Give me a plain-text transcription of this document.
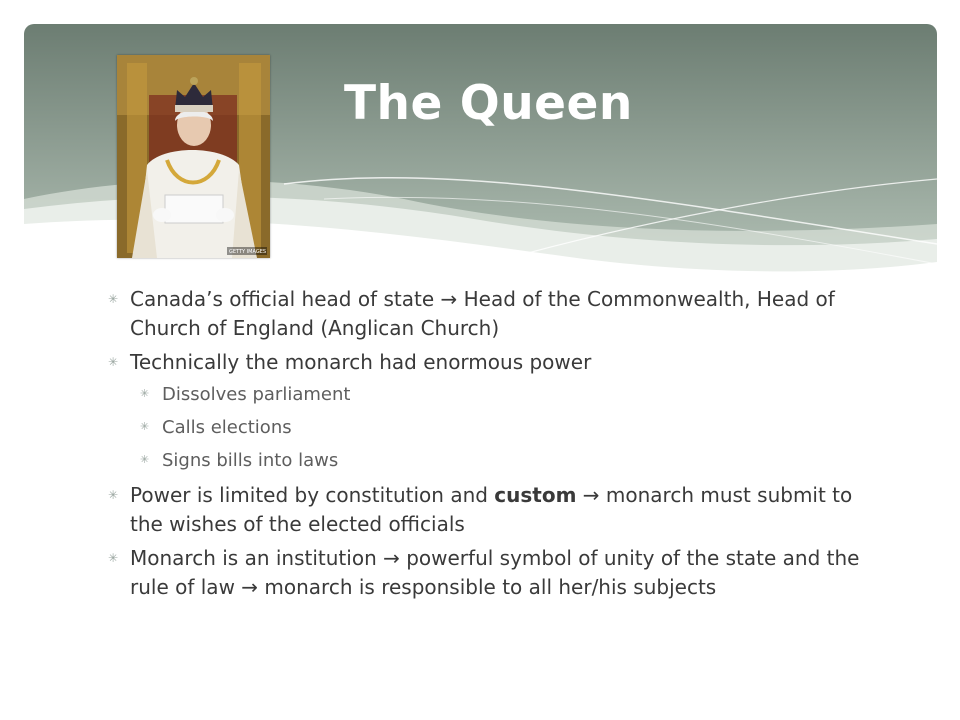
GETTY IMAGES
The Queen
✳ Canada’s official head of state → Head of the Commonwealth, Head of Church of England (Anglican Church)
✳ Technically the monarch had enormous power
✳ Dissolves parliament
✳ Calls elections
✳ Signs bills into laws
✳ Power is limited by constitution and custom → monarch must submit to the wishes of the elected officials
✳ Monarch is an institution → powerful symbol of unity of the state and the rule of law → monarch is responsible to all her/his subjects
